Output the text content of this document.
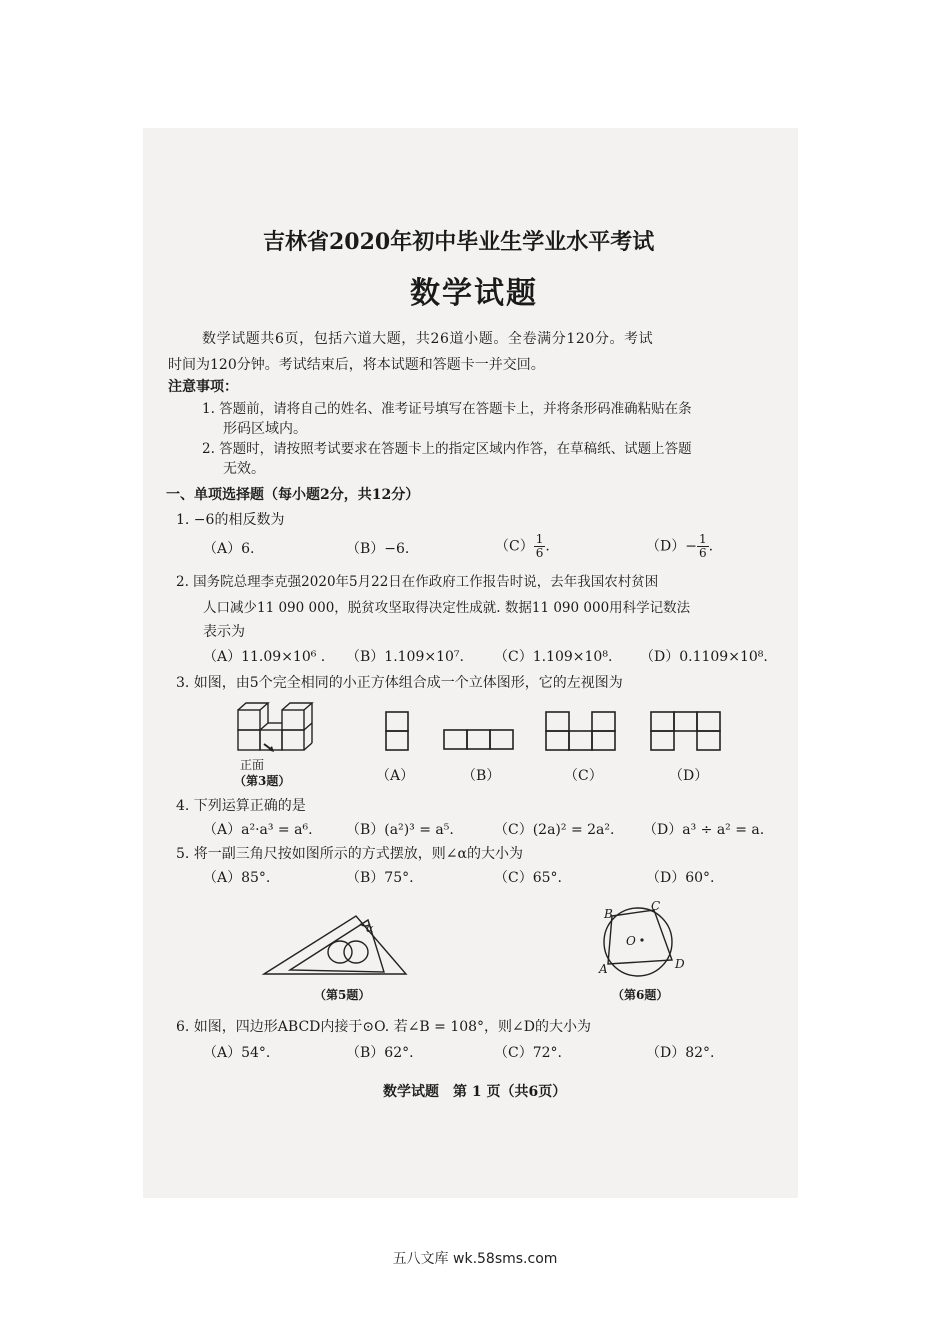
吉林省2020年初中毕业生学业水平考试
数学试题
数学试题共6页，包括六道大题，共26道小题。全卷满分120分。考试
时间为120分钟。考试结束后，将本试题和答题卡一并交回。
注意事项：
1. 答题前，请将自己的姓名、准考证号填写在答题卡上，并将条形码准确粘贴在条
形码区域内。
2. 答题时，请按照考试要求在答题卡上的指定区域内作答，在草稿纸、试题上答题
无效。
一、单项选择题（每小题2分，共12分）
1. −6的相反数为
（A）6.	（B）−6.	$(C) \frac{1}{6}$ .	$(D)- \frac{1}{6}$ .
2. 国务院总理李克强2020年5月22日在作政府工作报告时说，去年我国农村贫困
人口减少11 090 000，脱贫攻坚取得决定性成就. 数据11 090 000用科学记数法
表示为
（A）11.09×10⁶ . （B）1.109×10⁷. （C）1.109×10⁸. （D）0.1109×10⁸.
3. 如图，由5个完全相同的小正方体组合成一个立体图形，它的左视图为
正面
（第3题）	（A）	（B）	（C）	（D）
4. 下列运算正确的是
（A）a²·a³ = a⁶. （B）(a²)³ = a⁵.	（C）(2a)² = 2a². （D）a³ ÷ a² = a.
5. 将一副三角尺按如图所示的方式摆放，则∠α的大小为
（A）85°.	（B）75°.	（C）65°.	（D）60°.
α
（第5题）
B
C
O
A	D
（第6题）
6. 如图，四边形ABCD内接于⊙O. 若∠B = 108°，则∠D的大小为
（A）54°.	（B）62°.	（C）72°.	（D）82°.
数学试题　第 1 页（共6页）
五八文库 wk.58sms.com
